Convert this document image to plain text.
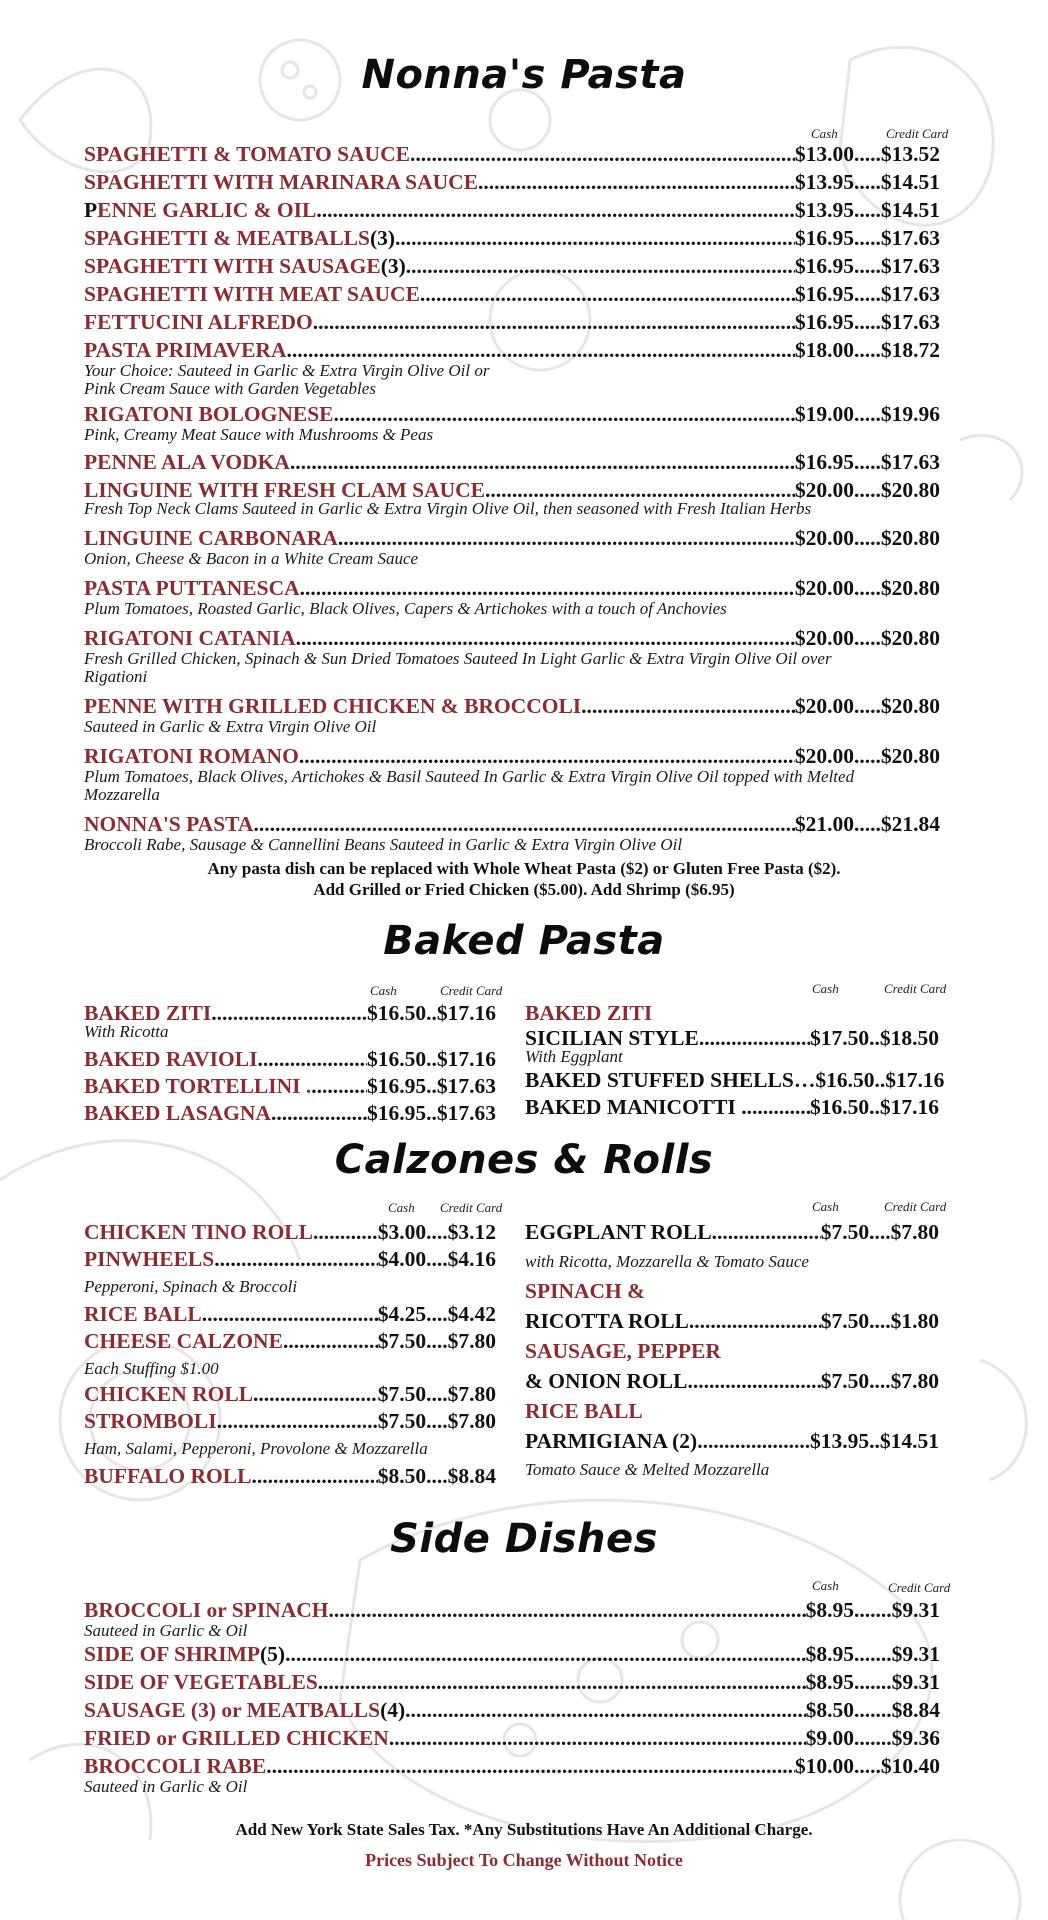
Nonna's Pasta
Cash	Credit Card
SPAGHETTI & TOMATO SAUCE .....	$13.00 ..... $13.52
SPAGHETTI WITH MARINARA SAUCE .....	$13.95 ..... $14.51
P ENNE GARLIC & OIL .....	$13.95 ..... $14.51
SPAGHETTI & MEATBALLS (3) .....	$16.95 ..... $17.63
SPAGHETTI WITH SAUSAGE (3) .....	$16.95 ..... $17.63
SPAGHETTI WITH MEAT SAUCE .....	$16.95 ..... $17.63
FETTUCINI ALFREDO .....	$16.95 ..... $17.63
PASTA PRIMAVERA .....	$18.00 ..... $18.72
Your Choice: Sauteed in Garlic & Extra Virgin Olive Oil or
Pink Cream Sauce with Garden Vegetables
RIGATONI BOLOGNESE .....	$19.00 ..... $19.96
Pink, Creamy Meat Sauce with Mushrooms & Peas
PENNE ALA VODKA .....	$16.95 ..... $17.63
LINGUINE WITH FRESH CLAM SAUCE .....	$20.00 ..... $20.80
Fresh Top Neck Clams Sauteed in Garlic & Extra Virgin Olive Oil, then seasoned with Fresh Italian Herbs
LINGUINE CARBONARA .....	$20.00 ..... $20.80
Onion, Cheese & Bacon in a White Cream Sauce
PASTA PUTTANESCA .....	$20.00 ..... $20.80
Plum Tomatoes, Roasted Garlic, Black Olives, Capers & Artichokes with a touch of Anchovies
RIGATONI CATANIA .....	$20.00 ..... $20.80
Fresh Grilled Chicken, Spinach & Sun Dried Tomatoes Sauteed In Light Garlic & Extra Virgin Olive Oil over
Rigationi
PENNE WITH GRILLED CHICKEN & BROCCOLI .....	$20.00 ..... $20.80
Sauteed in Garlic & Extra Virgin Olive Oil
RIGATONI ROMANO .....	$20.00 ..... $20.80
Plum Tomatoes, Black Olives, Artichokes & Basil Sauteed In Garlic & Extra Virgin Olive Oil topped with Melted
Mozzarella
NONNA'S PASTA .....	$21.00 ..... $21.84
Broccoli Rabe, Sausage & Cannellini Beans Sauteed in Garlic & Extra Virgin Olive Oil
Any pasta dish can be replaced with Whole Wheat Pasta ($2) or Gluten Free Pasta ($2).
Add Grilled or Fried Chicken ($5.00). Add Shrimp ($6.95)
Baked Pasta
Cash	Credit Card	Cash	Credit Card
BAKED ZITI .....	$16.50 .. $17.16
With Ricotta
BAKED RAVIOLI .....	$16.50 .. $17.16
BAKED TORTELLINI . .....	$16.95 .. $17.63
BAKED LASAGNA .....	$16.95 .. $17.63
BAKED ZITI
SICILIAN STYLE .....	$17.50 .. $18.50
With Eggplant
BAKED STUFFED SHELLS… $16.50 .. $17.16
BAKED MANICOTTI .... ..... $16.50 .. $17.16
Calzones & Rolls
Cash Credit Card	Cash	Credit Card
CHICKEN TINO ROLL .....	$3.00 .... $3.12
PINWHEELS .....	$4.00 .... $4.16
Pepperoni, Spinach & Broccoli
RICE BALL .....	$4.25 .... $4.42
CHEESE CALZONE .....	$7.50 .... $7.80
Each Stuffing $1.00
CHICKEN ROLL .....	$7.50 .... $7.80
STROMBOLI .....	$7.50 .... $7.80
Ham, Salami, Pepperoni, Provolone & Mozzarella
BUFFALO ROLL .....	$8.50 .... $8.84
EGGPLANT ROLL .....	$7.50 .... $7.80
with Ricotta, Mozzarella & Tomato Sauce
SPINACH &
RICOTTA ROLL .....	$7.50 .... $1.80
SAUSAGE, PEPPER
& ONION ROLL .....	$7.50 .... $7.80
RICE BALL
PARMIGIANA (2) .....	$13.95 .. $14.51
Tomato Sauce & Melted Mozzarella
Side Dishes
Cash	Credit Card
BROCCOLI or SPINACH .....	$8.95 ....... $9.31
Sauteed in Garlic & Oil
SIDE OF SHRIMP (5) .....	$8.95 ....... $9.31
SIDE OF VEGETABLES .....	$8.95 ....... $9.31
SAUSAGE (3) or MEATBALLS (4) .....	$8.50 ....... $8.84
FRIED or GRILLED CHICKEN .....	$9.00 ....... $9.36
BROCCOLI RABE .....	$10.00 ..... $10.40
Sauteed in Garlic & Oil
Add New York State Sales Tax. *Any Substitutions Have An Additional Charge.
Prices Subject To Change Without Notice
